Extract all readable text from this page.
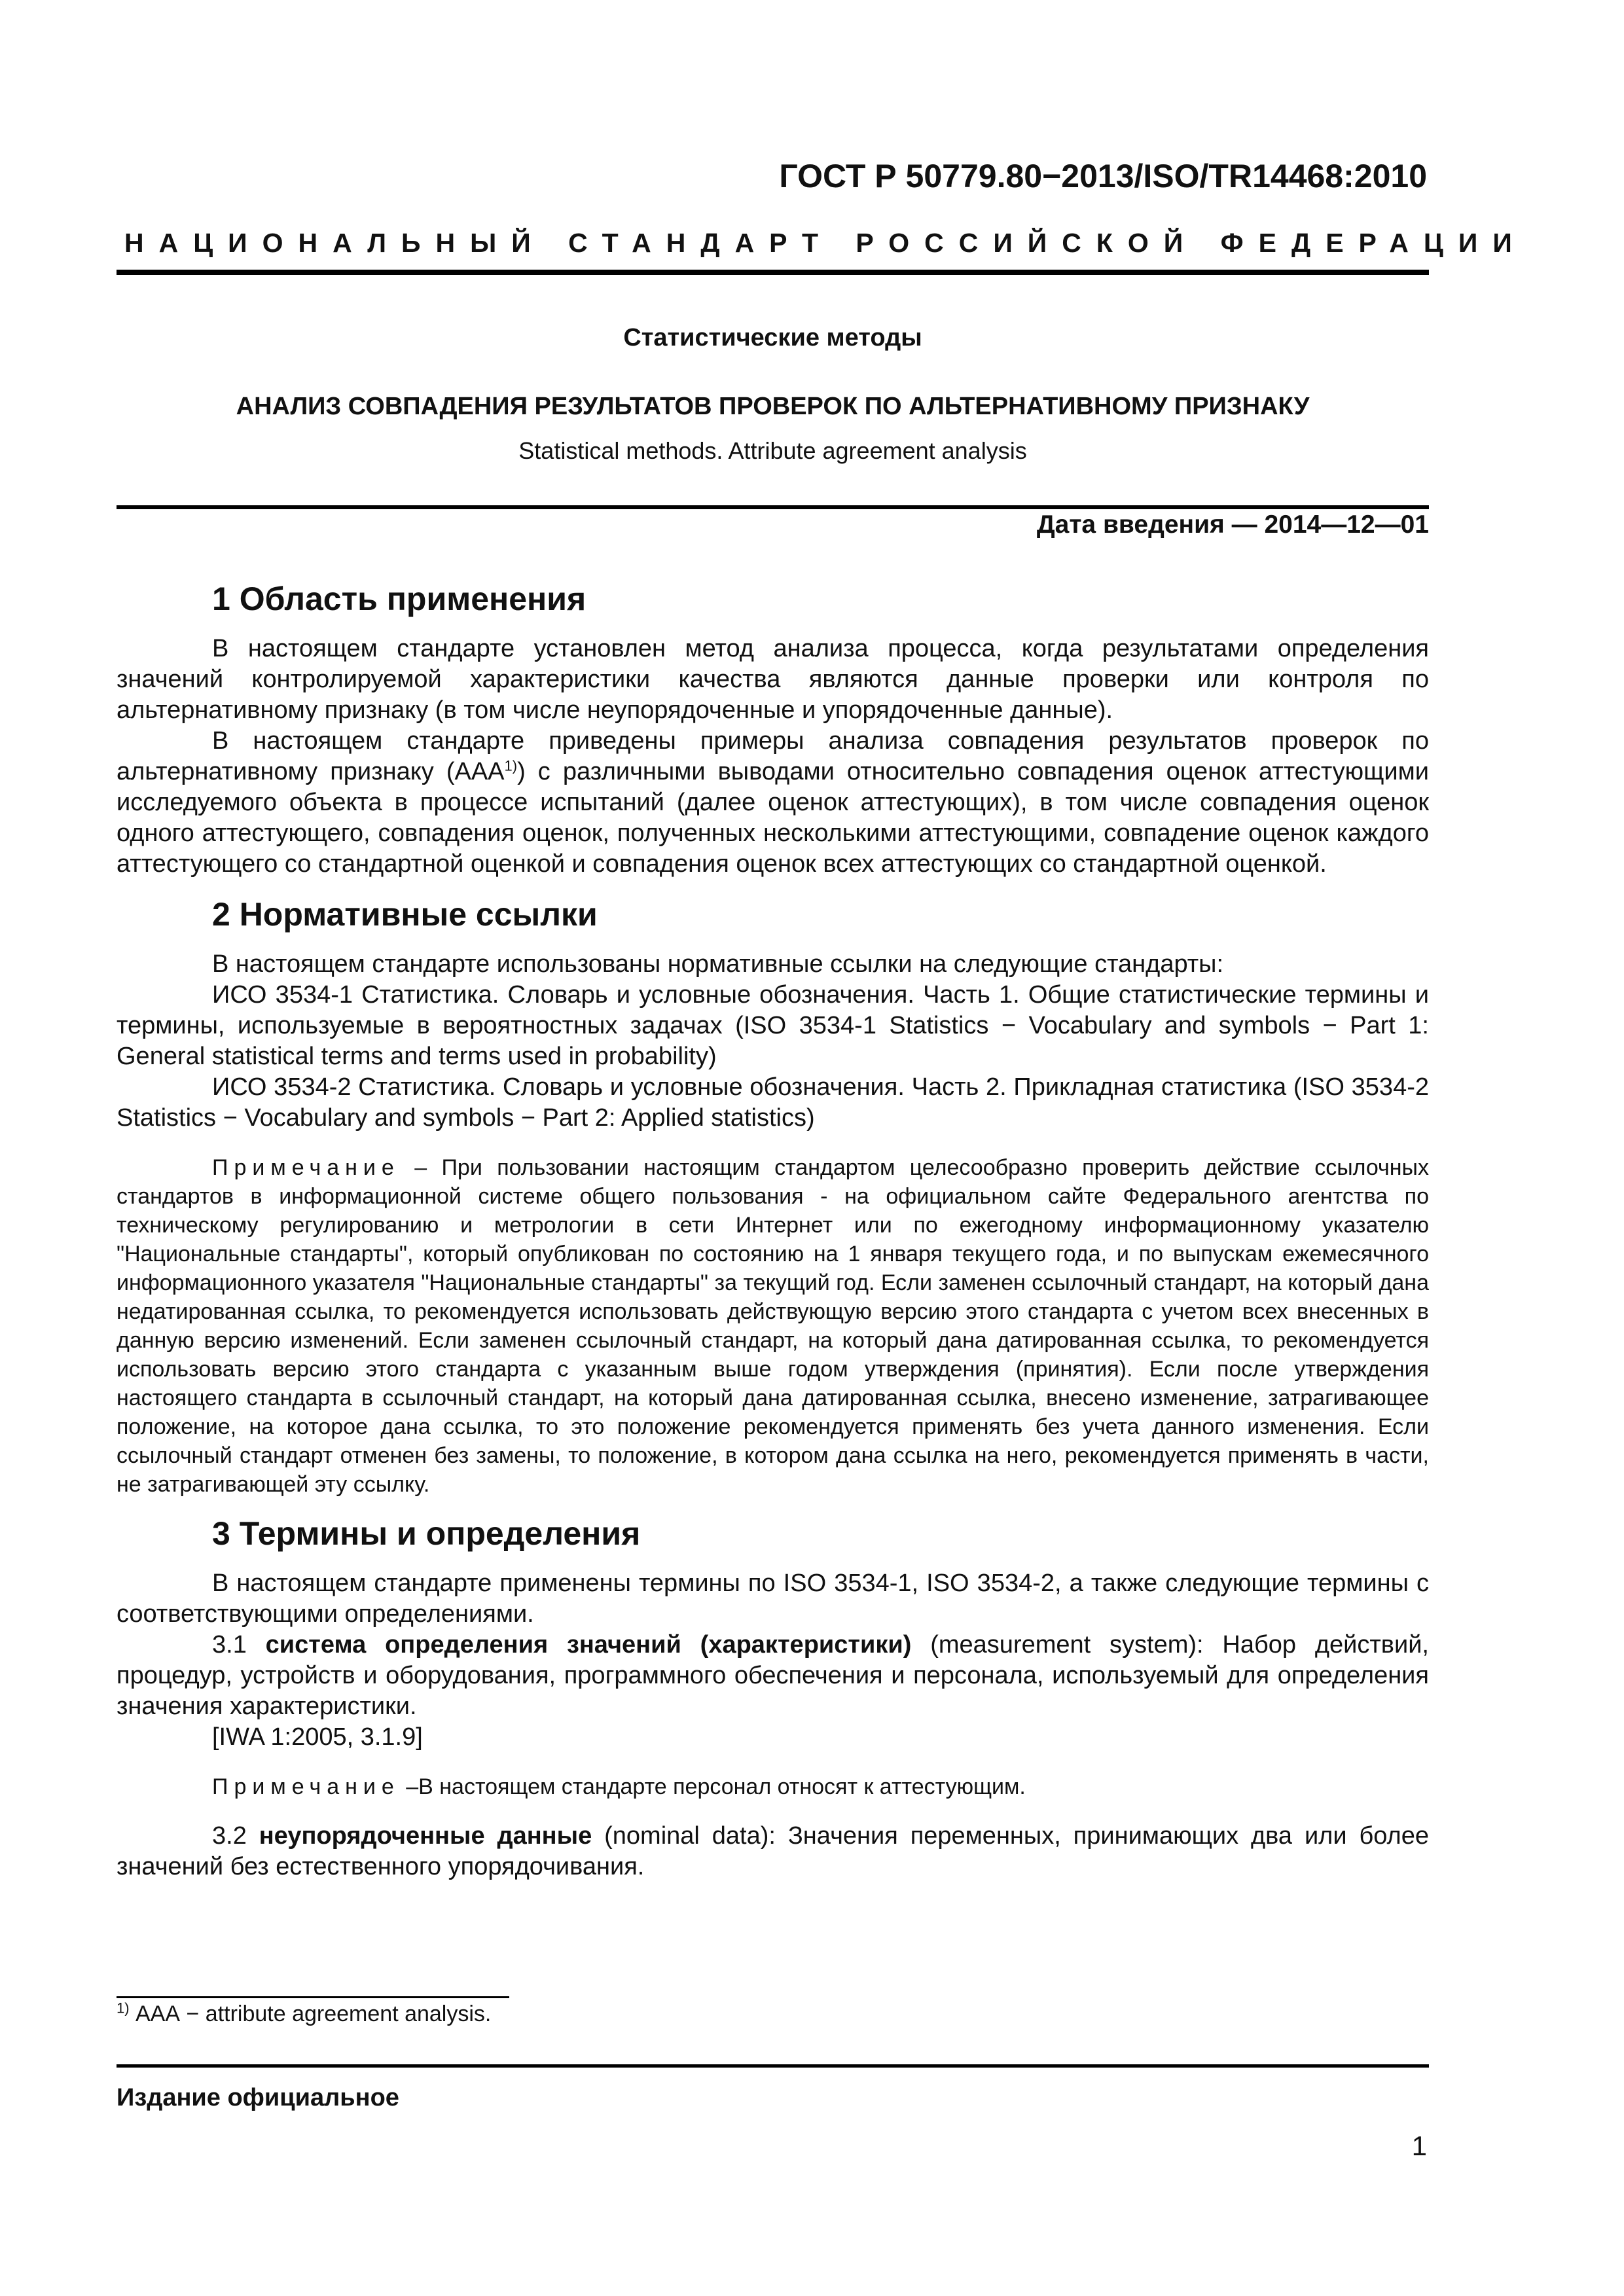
ГОСТ Р 50779.80−2013/ISO/TR14468:2010
НАЦИОНАЛЬНЫЙ СТАНДАРТ РОССИЙСКОЙ ФЕДЕРАЦИИ
Статистические методы
АНАЛИЗ СОВПАДЕНИЯ РЕЗУЛЬТАТОВ ПРОВЕРОК ПО АЛЬТЕРНАТИВНОМУ ПРИЗНАКУ
Statistical methods. Attribute agreement analysis
Дата введения — 2014—12—01
1 Область применения

В настоящем стандарте установлен метод анализа процесса, когда результатами определения значений контролируемой характеристики качества являются данные проверки или контроля по альтернативному признаку (в том числе неупорядоченные и упорядоченные данные).

В настоящем стандарте приведены примеры анализа совпадения результатов проверок по альтернативному признаку (ААА$^{1)}$) с различными выводами относительно совпадения оценок аттестующими исследуемого объекта в процессе испытаний (далее оценок аттестующих), в том числе совпадения оценок одного аттестующего, совпадения оценок, полученных несколькими аттестующими, совпадение оценок каждого аттестующего со стандартной оценкой и совпадения оценок всех аттестующих со стандартной оценкой.

2 Нормативные ссылки

В настоящем стандарте использованы нормативные ссылки на следующие стандарты:

ИСО 3534-1 Статистика. Словарь и условные обозначения. Часть 1. Общие статистические термины и термины, используемые в вероятностных задачах (ISO 3534-1 Statistics − Vocabulary and symbols − Part 1: General statistical terms and terms used in probability)

ИСО 3534-2 Статистика. Словарь и условные обозначения. Часть 2. Прикладная статистика (ISO 3534-2 Statistics − Vocabulary and symbols − Part 2: Applied statistics)

Примечание – При пользовании настоящим стандартом целесообразно проверить действие ссылочных стандартов в информационной системе общего пользования - на официальном сайте Федерального агентства по техническому регулированию и метрологии в сети Интернет или по ежегодному информационному указателю "Национальные стандарты", который опубликован по состоянию на 1 января текущего года, и по выпускам ежемесячного информационного указателя "Национальные стандарты" за текущий год. Если заменен ссылочный стандарт, на который дана недатированная ссылка, то рекомендуется использовать действующую версию этого стандарта с учетом всех внесенных в данную версию изменений. Если заменен ссылочный стандарт, на который дана датированная ссылка, то рекомендуется использовать версию этого стандарта с указанным выше годом утверждения (принятия). Если после утверждения настоящего стандарта в ссылочный стандарт, на который дана датированная ссылка, внесено изменение, затрагивающее положение, на которое дана ссылка, то это положение рекомендуется применять без учета данного изменения. Если ссылочный стандарт отменен без замены, то положение, в котором дана ссылка на него, рекомендуется применять в части, не затрагивающей эту ссылку.

3 Термины и определения

В настоящем стандарте применены термины по ISO 3534-1, ISO 3534-2, а также следующие термины с соответствующими определениями.

3.1 система определения значений (характеристики) (measurement system): Набор действий, процедур, устройств и оборудования, программного обеспечения и персонала, используемый для определения значения характеристики.

[IWA 1:2005, 3.1.9]

Примечание –В настоящем стандарте персонал относят к аттестующим.

3.2 неупорядоченные данные (nominal data): Значения переменных, принимающих два или более значений без естественного упорядочивания.

$^{1)}$ ААА − attribute agreement analysis.
Издание официальное
1
